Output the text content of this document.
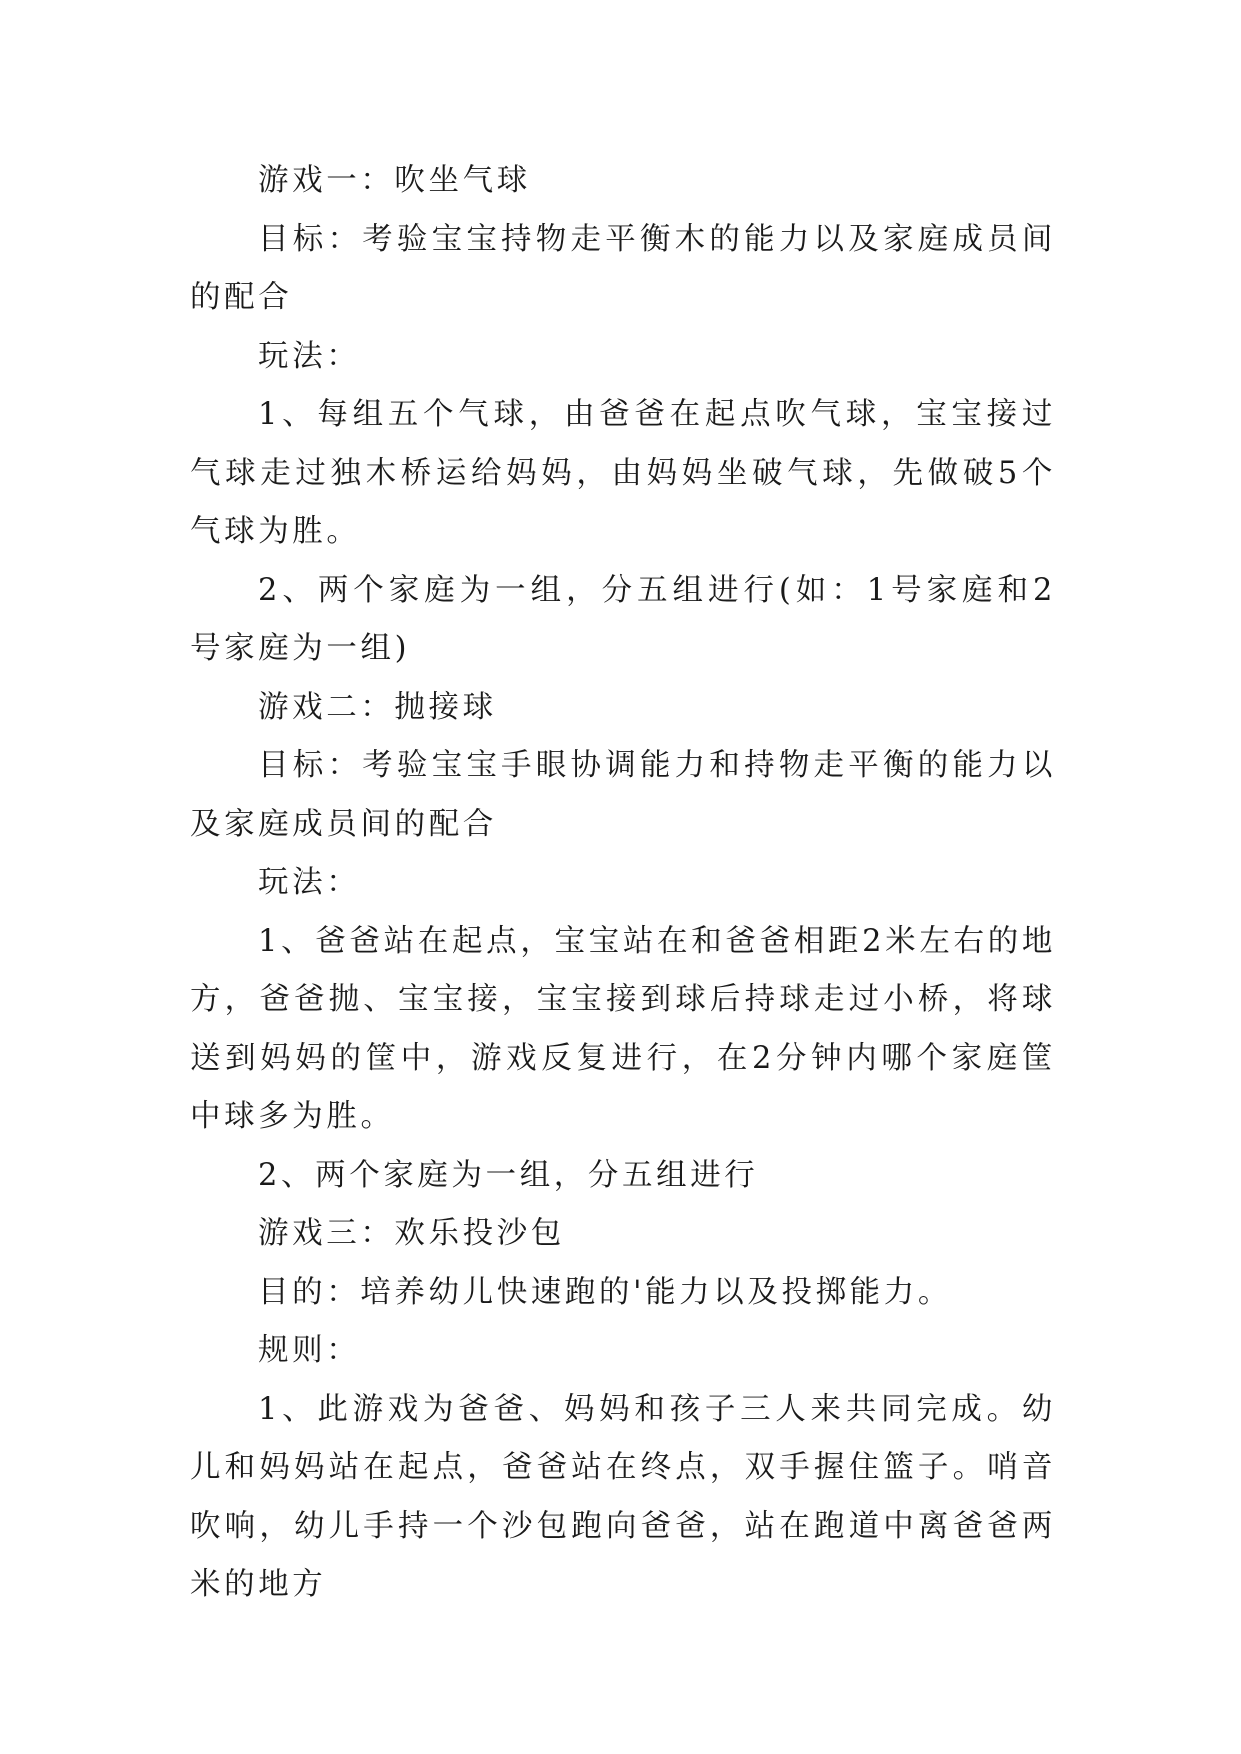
游戏一：吹坐气球

目标：考验宝宝持物走平衡木的能力以及家庭成员间的配合

玩法：

1、每组五个气球，由爸爸在起点吹气球，宝宝接过气球走过独木桥运给妈妈，由妈妈坐破气球，先做破5个气球为胜。

2、两个家庭为一组，分五组进行(如：1号家庭和2号家庭为一组)

游戏二：抛接球

目标：考验宝宝手眼协调能力和持物走平衡的能力以及家庭成员间的配合

玩法：

1、爸爸站在起点，宝宝站在和爸爸相距2米左右的地方，爸爸抛、宝宝接，宝宝接到球后持球走过小桥，将球送到妈妈的筐中，游戏反复进行，在2分钟内哪个家庭筐中球多为胜。

2、两个家庭为一组，分五组进行

游戏三：欢乐投沙包

目的：培养幼儿快速跑的'能力以及投掷能力。

规则：

1、此游戏为爸爸、妈妈和孩子三人来共同完成。幼儿和妈妈站在起点，爸爸站在终点，双手握住篮子。哨音吹响，幼儿手持一个沙包跑向爸爸，站在跑道中离爸爸两米的地方
